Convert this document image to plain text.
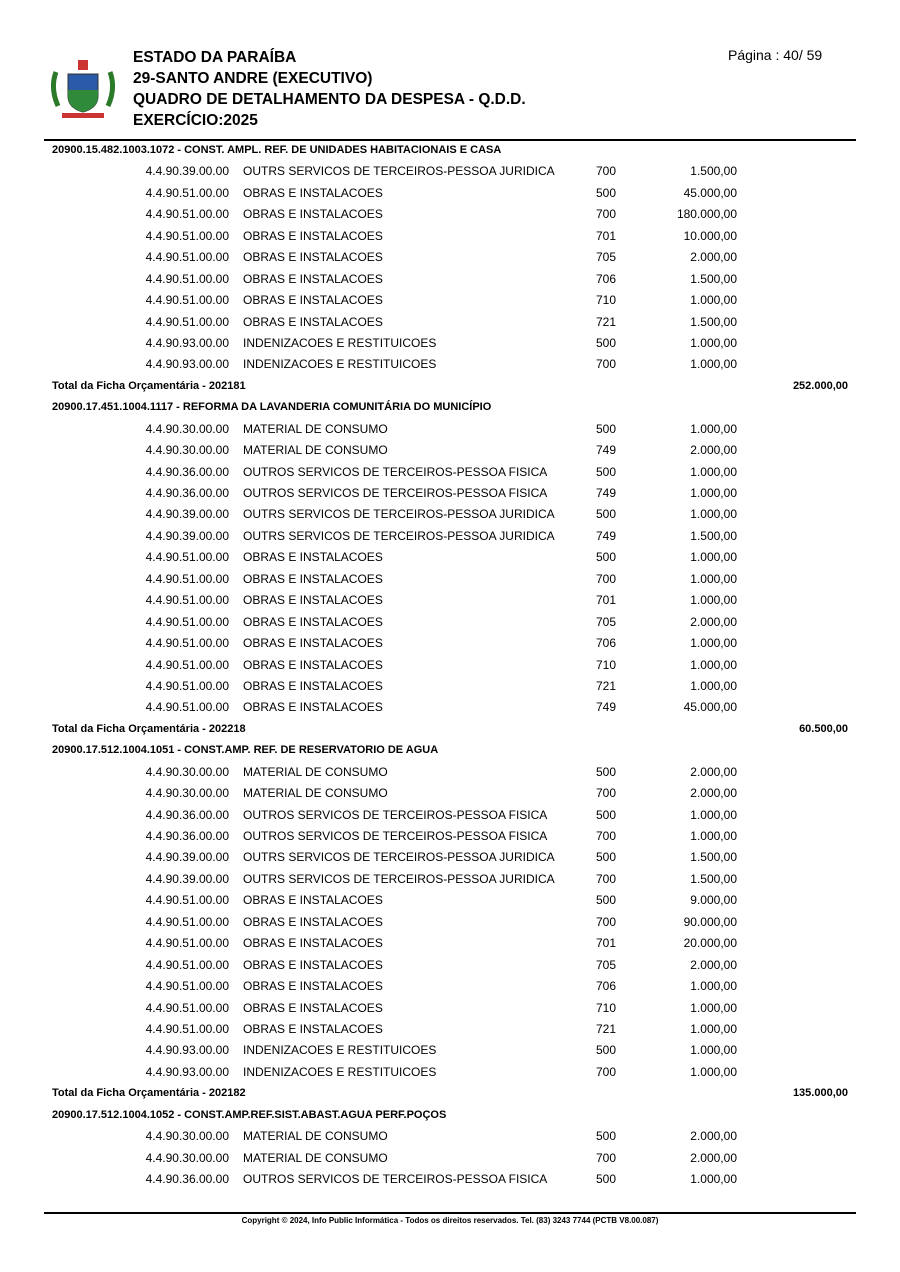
ESTADO DA PARAÍBA
29-SANTO ANDRE (EXECUTIVO)
QUADRO DE DETALHAMENTO DA DESPESA - Q.D.D.
EXERCÍCIO:2025
Página : 40/ 59
20900.15.482.1003.1072 - CONST. AMPL. REF. DE UNIDADES HABITACIONAIS E CASA
4.4.90.39.00.00 OUTRS SERVICOS DE TERCEIROS-PESSOA JURIDICA	700	1.500,00
4.4.90.51.00.00 OBRAS E INSTALACOES	500	45.000,00
4.4.90.51.00.00 OBRAS E INSTALACOES	700	180.000,00
4.4.90.51.00.00 OBRAS E INSTALACOES	701	10.000,00
4.4.90.51.00.00 OBRAS E INSTALACOES	705	2.000,00
4.4.90.51.00.00 OBRAS E INSTALACOES	706	1.500,00
4.4.90.51.00.00 OBRAS E INSTALACOES	710	1.000,00
4.4.90.51.00.00 OBRAS E INSTALACOES	721	1.500,00
4.4.90.93.00.00 INDENIZACOES E RESTITUICOES	500	1.000,00
4.4.90.93.00.00 INDENIZACOES E RESTITUICOES	700	1.000,00
Total da Ficha Orçamentária - 202181	252.000,00
20900.17.451.1004.1117 - REFORMA DA LAVANDERIA COMUNITÁRIA DO MUNICÍPIO
4.4.90.30.00.00 MATERIAL DE CONSUMO	500	1.000,00
4.4.90.30.00.00 MATERIAL DE CONSUMO	749	2.000,00
4.4.90.36.00.00 OUTROS SERVICOS DE TERCEIROS-PESSOA FISICA	500	1.000,00
4.4.90.36.00.00 OUTROS SERVICOS DE TERCEIROS-PESSOA FISICA	749	1.000,00
4.4.90.39.00.00 OUTRS SERVICOS DE TERCEIROS-PESSOA JURIDICA	500	1.000,00
4.4.90.39.00.00 OUTRS SERVICOS DE TERCEIROS-PESSOA JURIDICA	749	1.500,00
4.4.90.51.00.00 OBRAS E INSTALACOES	500	1.000,00
4.4.90.51.00.00 OBRAS E INSTALACOES	700	1.000,00
4.4.90.51.00.00 OBRAS E INSTALACOES	701	1.000,00
4.4.90.51.00.00 OBRAS E INSTALACOES	705	2.000,00
4.4.90.51.00.00 OBRAS E INSTALACOES	706	1.000,00
4.4.90.51.00.00 OBRAS E INSTALACOES	710	1.000,00
4.4.90.51.00.00 OBRAS E INSTALACOES	721	1.000,00
4.4.90.51.00.00 OBRAS E INSTALACOES	749	45.000,00
Total da Ficha Orçamentária - 202218	60.500,00
20900.17.512.1004.1051 - CONST.AMP. REF. DE RESERVATORIO DE AGUA
4.4.90.30.00.00 MATERIAL DE CONSUMO	500	2.000,00
4.4.90.30.00.00 MATERIAL DE CONSUMO	700	2.000,00
4.4.90.36.00.00 OUTROS SERVICOS DE TERCEIROS-PESSOA FISICA	500	1.000,00
4.4.90.36.00.00 OUTROS SERVICOS DE TERCEIROS-PESSOA FISICA	700	1.000,00
4.4.90.39.00.00 OUTRS SERVICOS DE TERCEIROS-PESSOA JURIDICA	500	1.500,00
4.4.90.39.00.00 OUTRS SERVICOS DE TERCEIROS-PESSOA JURIDICA	700	1.500,00
4.4.90.51.00.00 OBRAS E INSTALACOES	500	9.000,00
4.4.90.51.00.00 OBRAS E INSTALACOES	700	90.000,00
4.4.90.51.00.00 OBRAS E INSTALACOES	701	20.000,00
4.4.90.51.00.00 OBRAS E INSTALACOES	705	2.000,00
4.4.90.51.00.00 OBRAS E INSTALACOES	706	1.000,00
4.4.90.51.00.00 OBRAS E INSTALACOES	710	1.000,00
4.4.90.51.00.00 OBRAS E INSTALACOES	721	1.000,00
4.4.90.93.00.00 INDENIZACOES E RESTITUICOES	500	1.000,00
4.4.90.93.00.00 INDENIZACOES E RESTITUICOES	700	1.000,00
Total da Ficha Orçamentária - 202182	135.000,00
20900.17.512.1004.1052 - CONST.AMP.REF.SIST.ABAST.AGUA PERF.POÇOS
4.4.90.30.00.00 MATERIAL DE CONSUMO	500	2.000,00
4.4.90.30.00.00 MATERIAL DE CONSUMO	700	2.000,00
4.4.90.36.00.00 OUTROS SERVICOS DE TERCEIROS-PESSOA FISICA	500	1.000,00
Copyright © 2024, Info Public Informática - Todos os direitos reservados. Tel. (83) 3243 7744 (PCTB V8.00.087)
